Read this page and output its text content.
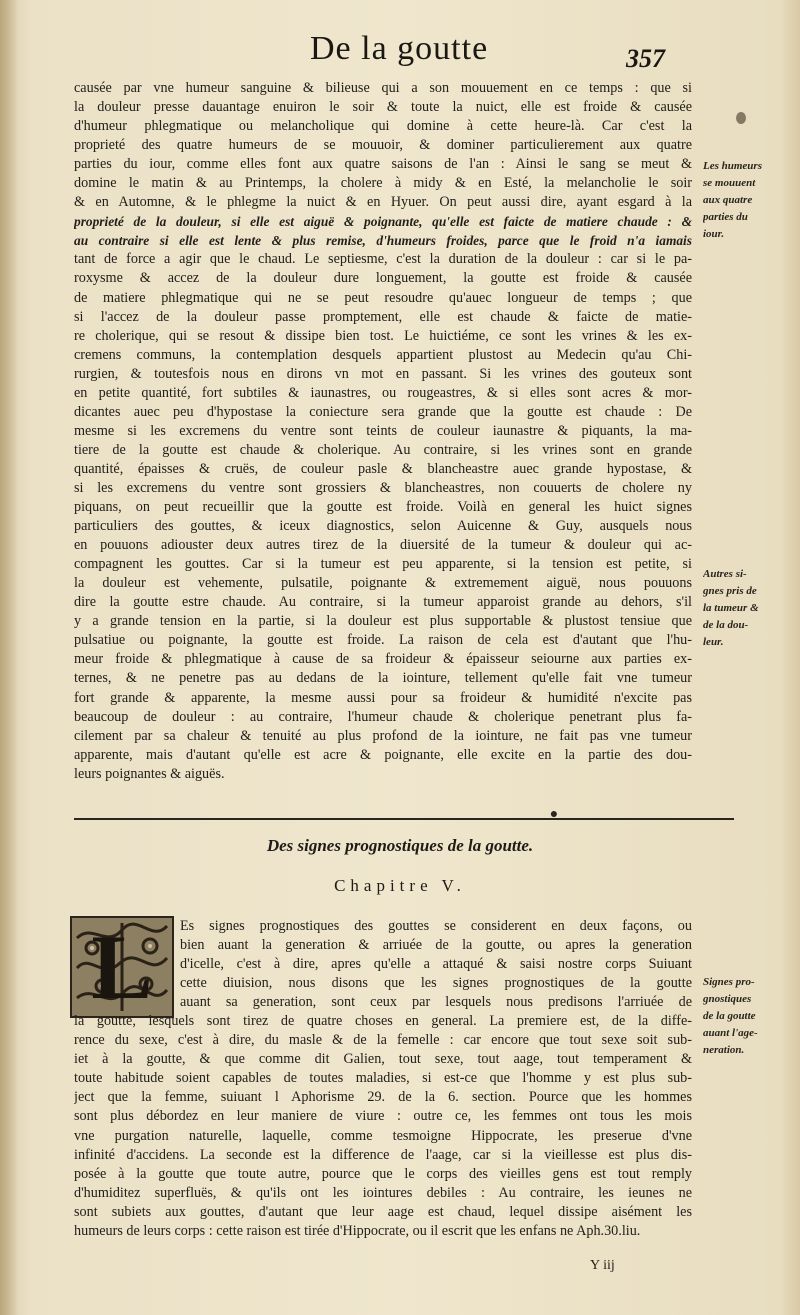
De la goutte	357
causée par vne humeur sanguine & bilieuse qui a son mouuement en ce temps : que si
la douleur presse dauantage enuiron le soir & toute la nuict, elle est froide & causée
d'humeur phlegmatique ou melancholique qui domine à cette heure-là. Car c'est la
proprieté des quatre humeurs de se mouuoir, & dominer particulierement aux quatre
parties du iour, comme elles font aux quatre saisons de l'an : Ainsi le sang se meut &
domine le matin & au Printemps, la cholere à midy & en Esté, la melancholie le soir
& en Automne, & le phlegme la nuict & en Hyuer. On peut aussi dire, ayant esgard à la
proprieté de la douleur, si elle est aiguë & poignante, qu'elle est faicte de matiere chaude : &
au contraire si elle est lente & plus remise, d'humeurs froides, parce que le froid n'a iamais
tant de force a agir que le chaud. Le septiesme, c'est la duration de la douleur : car si le pa-
roxysme & accez de la douleur dure longuement, la goutte est froide & causée
de matiere phlegmatique qui ne se peut resoudre qu'auec longueur de temps ; que
si l'accez de la douleur passe promptement, elle est chaude & faicte de matie-
re cholerique, qui se resout & dissipe bien tost. Le huictiéme, ce sont les vrines & les ex-
cremens communs, la contemplation desquels appartient plustost au Medecin qu'au Chi-
rurgien, & toutesfois nous en dirons vn mot en passant. Si les vrines des gouteux sont
en petite quantité, fort subtiles & iaunastres, ou rougeastres, & si elles sont acres & mor-
dicantes auec peu d'hypostase la coniecture sera grande que la goutte est chaude : De
mesme si les excremens du ventre sont teints de couleur iaunastre & piquants, la ma-
tiere de la goutte est chaude & cholerique. Au contraire, si les vrines sont en grande
quantité, épaisses & cruës, de couleur pasle & blancheastre auec grande hypostase, &
si les excremens du ventre sont grossiers & blancheastres, non couuerts de cholere ny
piquans, on peut recueillir que la goutte est froide. Voilà en general les huict signes
particuliers des gouttes, & iceux diagnostics, selon Auicenne & Guy, ausquels nous
en pouuons adiouster deux autres tirez de la diuersité de la tumeur & douleur qui ac-
compagnent les gouttes. Car si la tumeur est peu apparente, si la tension est petite, si
la douleur est vehemente, pulsatile, poignante & extremement aiguë, nous pouuons
dire la goutte estre chaude. Au contraire, si la tumeur apparoist grande au dehors, s'il
y a grande tension en la partie, si la douleur est plus supportable & plustost tensiue que
pulsatiue ou poignante, la goutte est froide. La raison de cela est d'autant que l'hu-
meur froide & phlegmatique à cause de sa froideur & épaisseur seiourne aux parties ex-
ternes, & ne penetre pas au dedans de la iointure, tellement qu'elle fait vne tumeur
fort grande & apparente, la mesme aussi pour sa froideur & humidité n'excite pas
beaucoup de douleur : au contraire, l'humeur chaude & cholerique penetrant plus fa-
cilement par sa chaleur & tenuité au plus profond de la iointure, ne fait pas vne tumeur
apparente, mais d'autant qu'elle est acre & poignante, elle excite en la partie des dou-
leurs poignantes & aiguës.
Les humeurs
se mouuent
aux quatre
parties du
iour.
Autres si-
gnes pris de
la tumeur &
de la dou-
leur.
●
Des signes prognostiques de la goutte.
Chapitre V.
L	Es signes prognostiques des gouttes se considerent en deux façons, ou
bien auant la generation & arriuée de la goutte, ou apres la generation
d'icelle, c'est à dire, apres qu'elle a attaqué & saisi nostre corps Suiuant
cette diuision, nous disons que les signes prognostiques de la goutte
auant sa generation, sont ceux par lesquels nous predisons l'arriuée de
la goutte, lesquels sont tirez de quatre choses en general. La premiere est, de la diffe-
rence du sexe, c'est à dire, du masle & de la femelle : car encore que tout sexe soit sub-
iet à la goutte, & que comme dit Galien, tout sexe, tout aage, tout temperament &
toute habitude soient capables de toutes maladies, si est-ce que l'homme y est plus sub-
ject que la femme, suiuant l Aphorisme 29. de la 6. section. Pource que les hommes
sont plus débordez en leur maniere de viure : outre ce, les femmes ont tous les mois
vne purgation naturelle, laquelle, comme tesmoigne Hippocrate, les preserue d'vne
infinité d'accidens. La seconde est la difference de l'aage, car si la vieillesse est plus dis-
posée à la goutte que toute autre, pource que le corps des vieilles gens est tout remply
d'humiditez superfluës, & qu'ils ont les iointures debiles : Au contraire, les ieunes ne
sont subiets aux gouttes, d'autant que leur aage est chaud, lequel dissipe aisément les
humeurs de leurs corps : cette raison est tirée d'Hippocrate, ou il escrit que les enfans ne Aph.30.liu.
Signes pro-
gnostiques
de la goutte
auant l'age-
neration.
Y iij
